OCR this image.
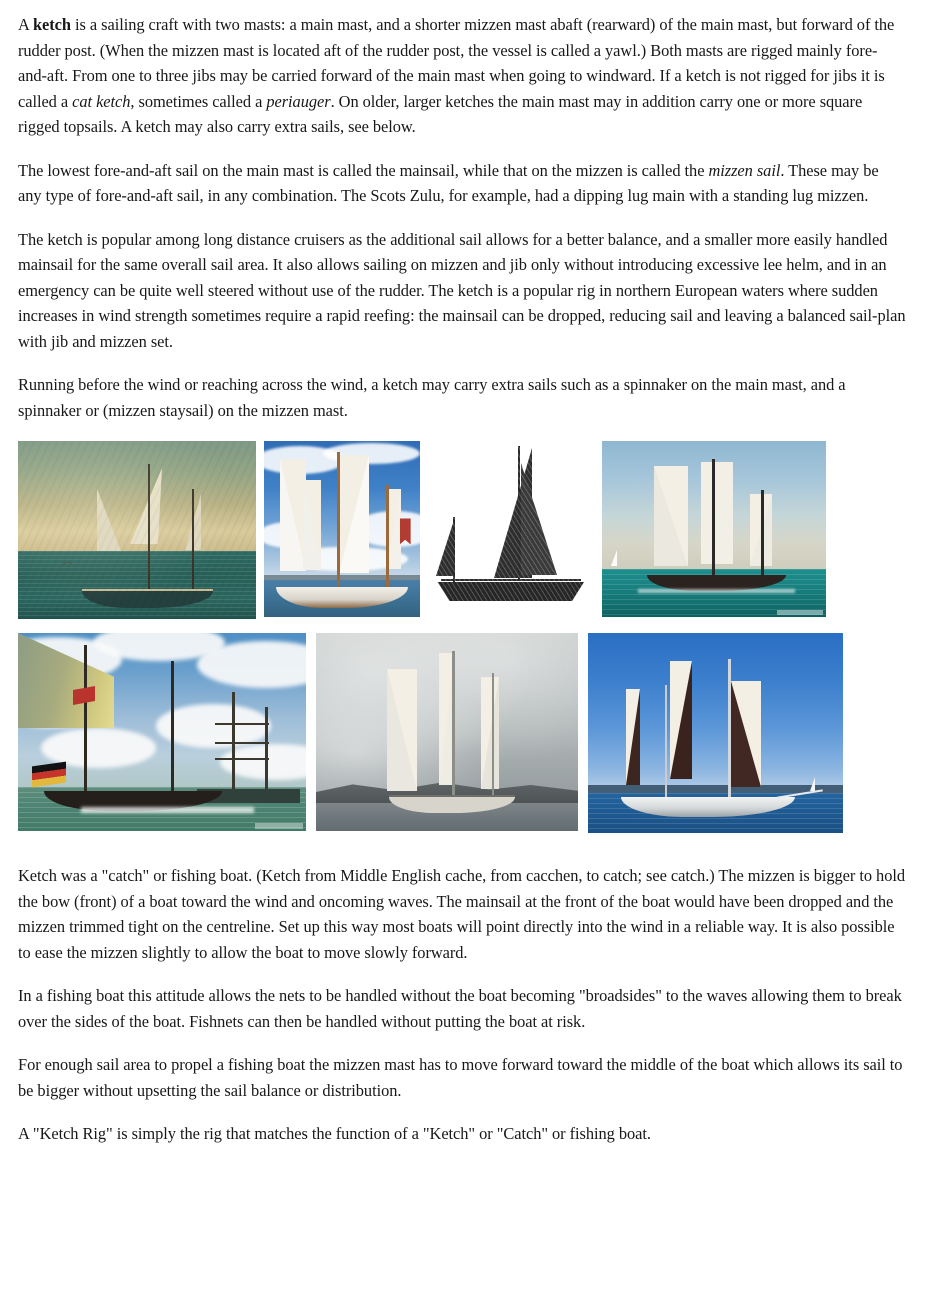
A ketch is a sailing craft with two masts: a main mast, and a shorter mizzen mast abaft (rearward) of the main mast, but forward of the rudder post. (When the mizzen mast is located aft of the rudder post, the vessel is called a yawl.) Both masts are rigged mainly fore-and-aft. From one to three jibs may be carried forward of the main mast when going to windward. If a ketch is not rigged for jibs it is called a cat ketch, sometimes called a periauger. On older, larger ketches the main mast may in addition carry one or more square rigged topsails. A ketch may also carry extra sails, see below.

The lowest fore-and-aft sail on the main mast is called the mainsail, while that on the mizzen is called the mizzen sail. These may be any type of fore-and-aft sail, in any combination. The Scots Zulu, for example, had a dipping lug main with a standing lug mizzen.

The ketch is popular among long distance cruisers as the additional sail allows for a better balance, and a smaller more easily handled mainsail for the same overall sail area. It also allows sailing on mizzen and jib only without introducing excessive lee helm, and in an emergency can be quite well steered without use of the rudder. The ketch is a popular rig in northern European waters where sudden increases in wind strength sometimes require a rapid reefing: the mainsail can be dropped, reducing sail and leaving a balanced sail-plan with jib and mizzen set.

Running before the wind or reaching across the wind, a ketch may carry extra sails such as a spinnaker on the main mast, and a spinnaker or (mizzen staysail) on the mizzen mast.

Ketch was a "catch" or fishing boat. (Ketch from Middle English cache, from cacchen, to catch; see catch.) The mizzen is bigger to hold the bow (front) of a boat toward the wind and oncoming waves. The mainsail at the front of the boat would have been dropped and the mizzen trimmed tight on the centreline. Set up this way most boats will point directly into the wind in a reliable way. It is also possible to ease the mizzen slightly to allow the boat to move slowly forward.

In a fishing boat this attitude allows the nets to be handled without the boat becoming "broadsides" to the waves allowing them to break over the sides of the boat. Fishnets can then be handled without putting the boat at risk.

For enough sail area to propel a fishing boat the mizzen mast has to move forward toward the middle of the boat which allows its sail to be bigger without upsetting the sail balance or distribution.

A "Ketch Rig" is simply the rig that matches the function of a "Ketch" or "Catch" or fishing boat.
